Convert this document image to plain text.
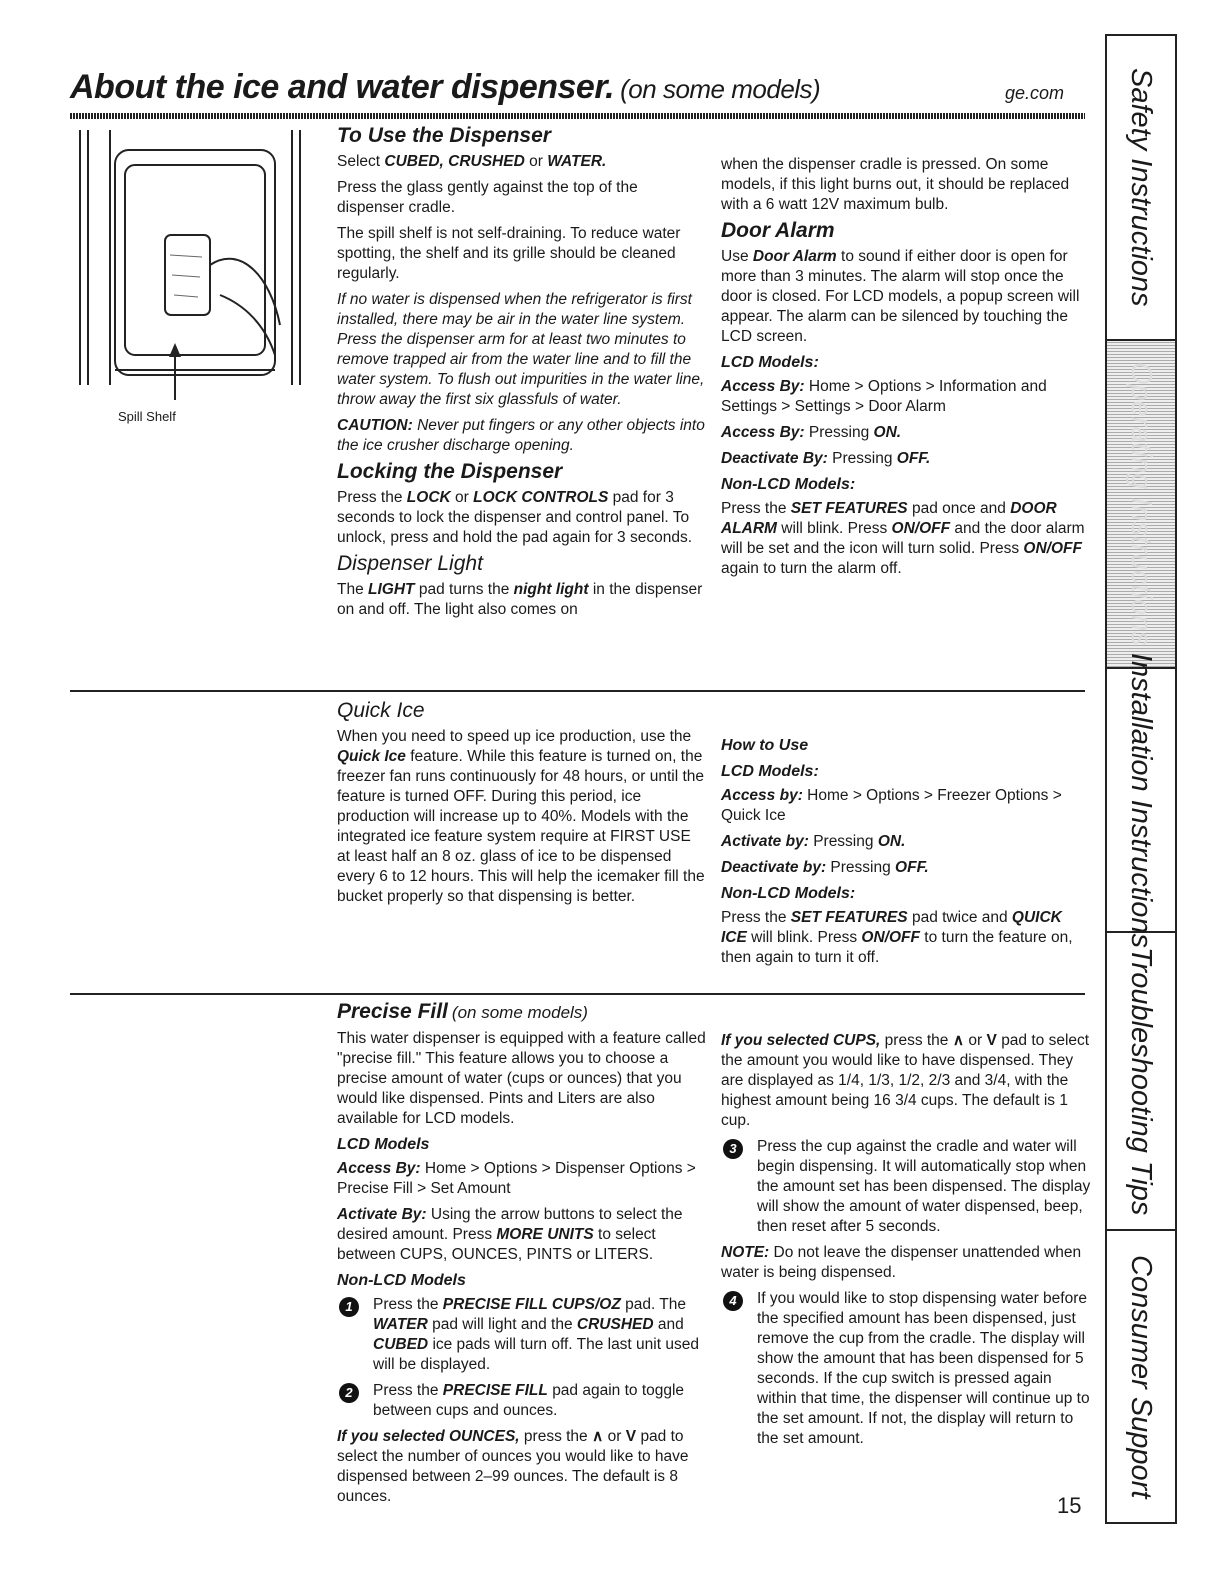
About the ice and water dispenser. (on some models)	ge.com
Spill Shelf
To Use the Dispenser

Select CUBED, CRUSHED or WATER.

Press the glass gently against the top of the dispenser cradle.

The spill shelf is not self-draining. To reduce water spotting, the shelf and its grille should be cleaned regularly.

If no water is dispensed when the refrigerator is first installed, there may be air in the water line system. Press the dispenser arm for at least two minutes to remove trapped air from the water line and to fill the water system. To flush out impurities in the water line, throw away the first six glassfuls of water.

CAUTION: Never put fingers or any other objects into the ice crusher discharge opening.

Locking the Dispenser

Press the LOCK or LOCK CONTROLS pad for 3 seconds to lock the dispenser and control panel. To unlock, press and hold the pad again for 3 seconds.

Dispenser Light

The LIGHT pad turns the night light in the dispenser on and off. The light also comes on

when the dispenser cradle is pressed. On some models, if this light burns out, it should be replaced with a 6 watt 12V maximum bulb.

Door Alarm

Use Door Alarm to sound if either door is open for more than 3 minutes. The alarm will stop once the door is closed. For LCD models, a popup screen will appear. The alarm can be silenced by touching the LCD screen.

LCD Models:

Access By: Home > Options > Information and Settings > Settings > Door Alarm

Access By: Pressing ON.

Deactivate By: Pressing OFF.

Non-LCD Models:

Press the SET FEATURES pad once and DOOR ALARM will blink. Press ON/OFF and the door alarm will be set and the icon will turn solid. Press ON/OFF again to turn the alarm off.

Quick Ice

When you need to speed up ice production, use the Quick Ice feature. While this feature is turned on, the freezer fan runs continuously for 48 hours, or until the feature is turned OFF. During this period, ice production will increase up to 40%. Models with the integrated ice feature system require at FIRST USE at least half an 8 oz. glass of ice to be dispensed every 6 to 12 hours. This will help the icemaker fill the bucket properly so that dispensing is better.

How to Use
LCD Models:

Access by: Home > Options > Freezer Options > Quick Ice

Activate by: Pressing ON.

Deactivate by: Pressing OFF.

Non-LCD Models:

Press the SET FEATURES pad twice and QUICK ICE will blink. Press ON/OFF to turn the feature on, then again to turn it off.

Precise Fill (on some models)

This water dispenser is equipped with a feature called "precise fill." This feature allows you to choose a precise amount of water (cups or ounces) that you would like dispensed. Pints and Liters are also available for LCD models.

LCD Models

Access By: Home > Options > Dispenser Options > Precise Fill > Set Amount

Activate By: Using the arrow buttons to select the desired amount. Press MORE UNITS to select between CUPS, OUNCES, PINTS or LITERS.

Non-LCD Models

1	Press the PRECISE FILL CUPS/OZ pad. The WATER pad will light and the CRUSHED and CUBED ice pads will turn off. The last unit used will be displayed.

2	Press the PRECISE FILL pad again to toggle between cups and ounces.

If you selected OUNCES, press the ∧ or V pad to select the number of ounces you would like to have dispensed between 2–99 ounces. The default is 8 ounces.

If you selected CUPS, press the ∧ or V pad to select the amount you would like to have dispensed. They are displayed as 1/4, 1/3, 1/2, 2/3 and 3/4, with the highest amount being 16 3/4 cups. The default is 1 cup.

3	Press the cup against the cradle and water will begin dispensing. It will automatically stop when the amount set has been dispensed. The display will show the amount of water dispensed, beep, then reset after 5 seconds.

NOTE: Do not leave the dispenser unattended when water is being dispensed.

4	If you would like to stop dispensing water before the specified amount has been dispensed, just remove the cup from the cradle. The display will show the amount that has been dispensed for 5 seconds. If the cup switch is pressed again within that time, the dispenser will continue up to the set amount. If not, the display will return to the set amount.

15
Safety Instructions
Operating Instructions
Installation Instructions
Troubleshooting Tips
Consumer Support
